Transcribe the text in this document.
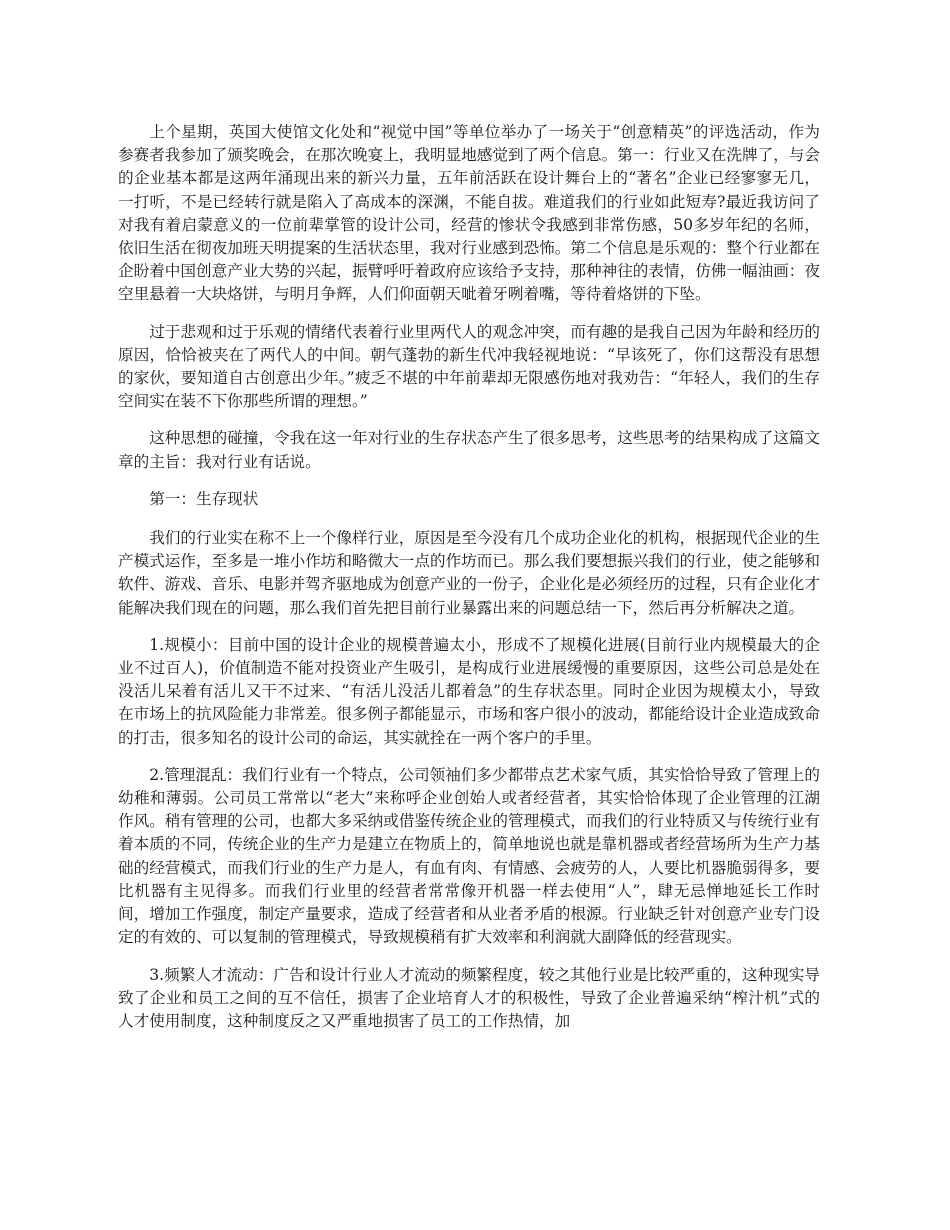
上个星期，英国大使馆文化处和“视觉中国”等单位举办了一场关于“创意精英”的评选活动，作为参赛者我参加了颁奖晚会，在那次晚宴上，我明显地感觉到了两个信息。第一：行业又在洗牌了，与会的企业基本都是这两年涌现出来的新兴力量，五年前活跃在设计舞台上的“著名”企业已经寥寥无几，一打听，不是已经转行就是陷入了高成本的深渊，不能自拔。难道我们的行业如此短寿?最近我访问了对我有着启蒙意义的一位前辈掌管的设计公司，经营的惨状令我感到非常伤感，50多岁年纪的名师，依旧生活在彻夜加班天明提案的生活状态里，我对行业感到恐怖。第二个信息是乐观的：整个行业都在企盼着中国创意产业大势的兴起，振臂呼吁着政府应该给予支持，那种神往的表情，仿佛一幅油画：夜空里悬着一大块烙饼，与明月争辉，人们仰面朝天呲着牙咧着嘴，等待着烙饼的下坠。

过于悲观和过于乐观的情绪代表着行业里两代人的观念冲突，而有趣的是我自己因为年龄和经历的原因，恰恰被夹在了两代人的中间。朝气蓬勃的新生代冲我轻视地说：“早该死了，你们这帮没有思想的家伙，要知道自古创意出少年。”疲乏不堪的中年前辈却无限感伤地对我劝告：“年轻人，我们的生存空间实在装不下你那些所谓的理想。”

这种思想的碰撞，令我在这一年对行业的生存状态产生了很多思考，这些思考的结果构成了这篇文章的主旨：我对行业有话说。

第一：生存现状

我们的行业实在称不上一个像样行业，原因是至今没有几个成功企业化的机构，根据现代企业的生产模式运作，至多是一堆小作坊和略微大一点的作坊而已。那么我们要想振兴我们的行业，使之能够和软件、游戏、音乐、电影并驾齐驱地成为创意产业的一份子，企业化是必须经历的过程，只有企业化才能解决我们现在的问题，那么我们首先把目前行业暴露出来的问题总结一下，然后再分析解决之道。

1.规模小：目前中国的设计企业的规模普遍太小，形成不了规模化进展(目前行业内规模最大的企业不过百人)，价值制造不能对投资业产生吸引，是构成行业进展缓慢的重要原因，这些公司总是处在没活儿呆着有活儿又干不过来、“有活儿没活儿都着急”的生存状态里。同时企业因为规模太小，导致在市场上的抗风险能力非常差。很多例子都能显示，市场和客户很小的波动，都能给设计企业造成致命的打击，很多知名的设计公司的命运，其实就拴在一两个客户的手里。

2.管理混乱：我们行业有一个特点，公司领袖们多少都带点艺术家气质，其实恰恰导致了管理上的幼稚和薄弱。公司员工常常以“老大”来称呼企业创始人或者经营者，其实恰恰体现了企业管理的江湖作风。稍有管理的公司，也都大多采纳或借鉴传统企业的管理模式，而我们的行业特质又与传统行业有着本质的不同，传统企业的生产力是建立在物质上的，简单地说也就是靠机器或者经营场所为生产力基础的经营模式，而我们行业的生产力是人，有血有肉、有情感、会疲劳的人，人要比机器脆弱得多，要比机器有主见得多。而我们行业里的经营者常常像开机器一样去使用“人”，肆无忌惮地延长工作时间，增加工作强度，制定产量要求，造成了经营者和从业者矛盾的根源。行业缺乏针对创意产业专门设定的有效的、可以复制的管理模式，导致规模稍有扩大效率和利润就大副降低的经营现实。

3.频繁人才流动：广告和设计行业人才流动的频繁程度，较之其他行业是比较严重的，这种现实导致了企业和员工之间的互不信任，损害了企业培育人才的积极性，导致了企业普遍采纳“榨汁机”式的人才使用制度，这种制度反之又严重地损害了员工的工作热情，加
